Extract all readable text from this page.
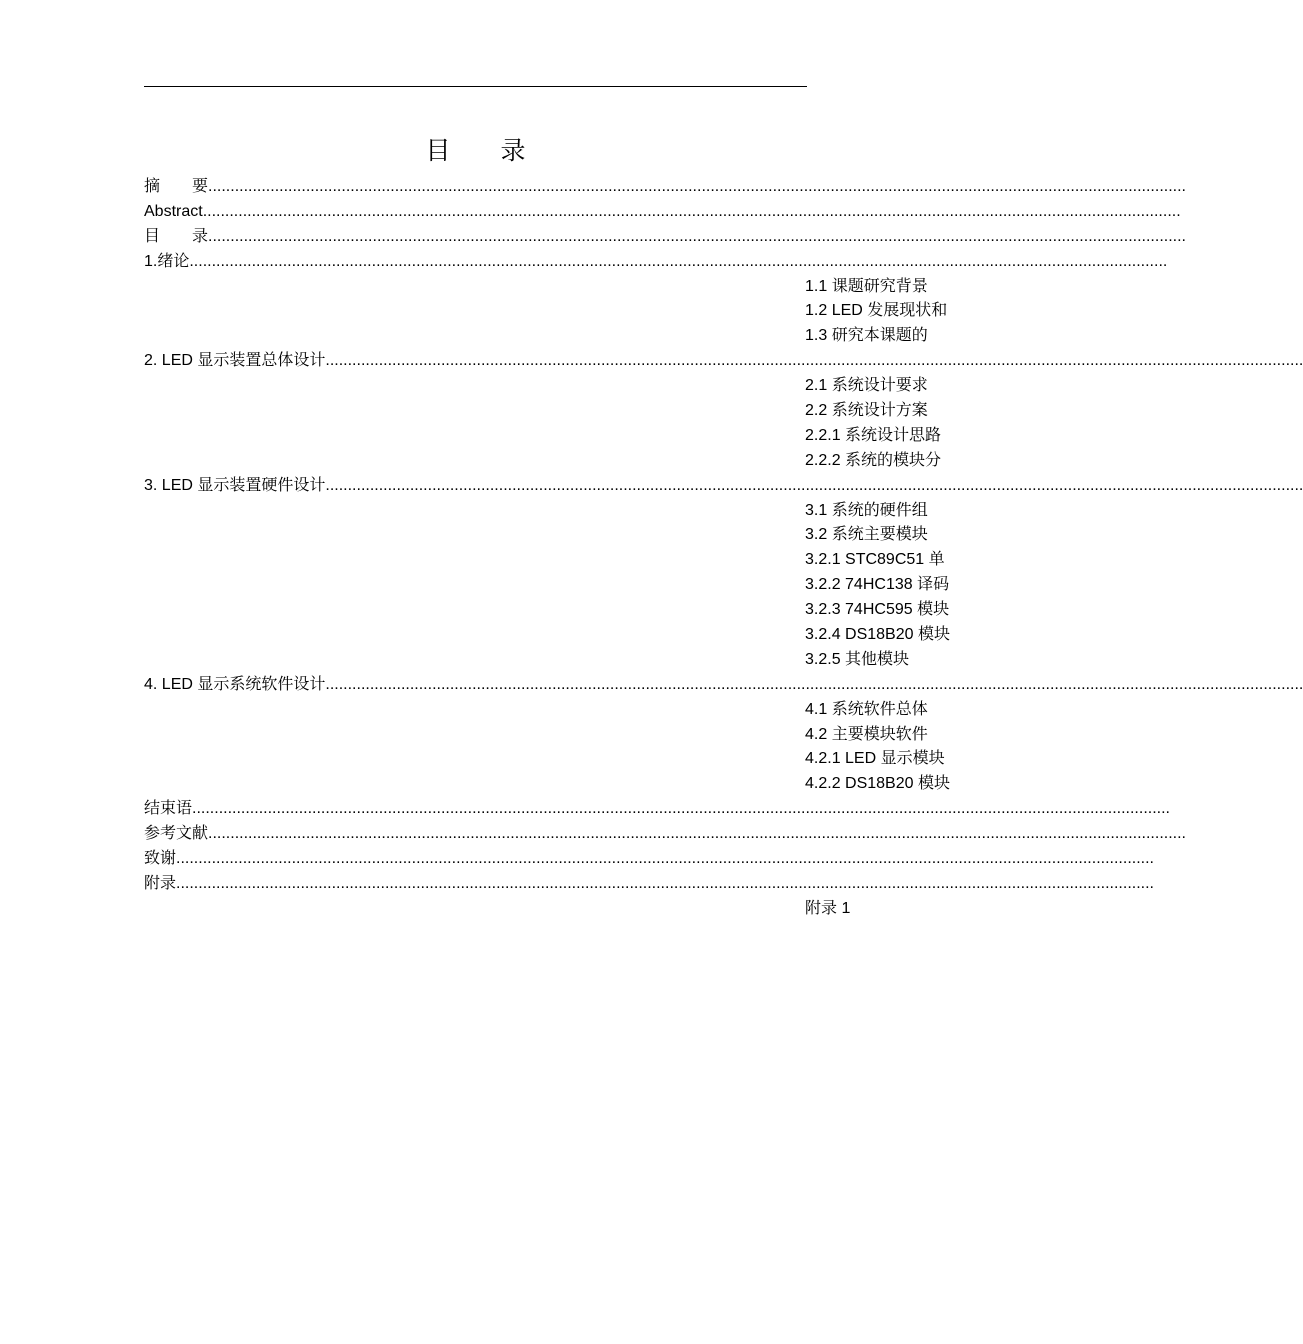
目　　录
摘　　要............................................................................................................................................................................................................................
Abstract............................................................................................................................................................................................................................
目　　录............................................................................................................................................................................................................................
1.绪论............................................................................................................................................................................................................................
1.1 课题研究背景
1.2 LED 发展现状和
1.3 研究本课题的
2. LED 显示装置总体设计............................................................................................................................................................................................................................
2.1 系统设计要求
2.2 系统设计方案
2.2.1 系统设计思路
2.2.2 系统的模块分
3. LED 显示装置硬件设计............................................................................................................................................................................................................................
3.1 系统的硬件组
3.2 系统主要模块
3.2.1 STC89C51 单
3.2.2 74HC138 译码
3.2.3 74HC595 模块
3.2.4 DS18B20 模块
3.2.5 其他模块
4. LED 显示系统软件设计............................................................................................................................................................................................................................
4.1 系统软件总体
4.2 主要模块软件
4.2.1 LED 显示模块
4.2.2 DS18B20 模块
结束语............................................................................................................................................................................................................................
参考文献............................................................................................................................................................................................................................
致谢............................................................................................................................................................................................................................
附录............................................................................................................................................................................................................................
附录 1
